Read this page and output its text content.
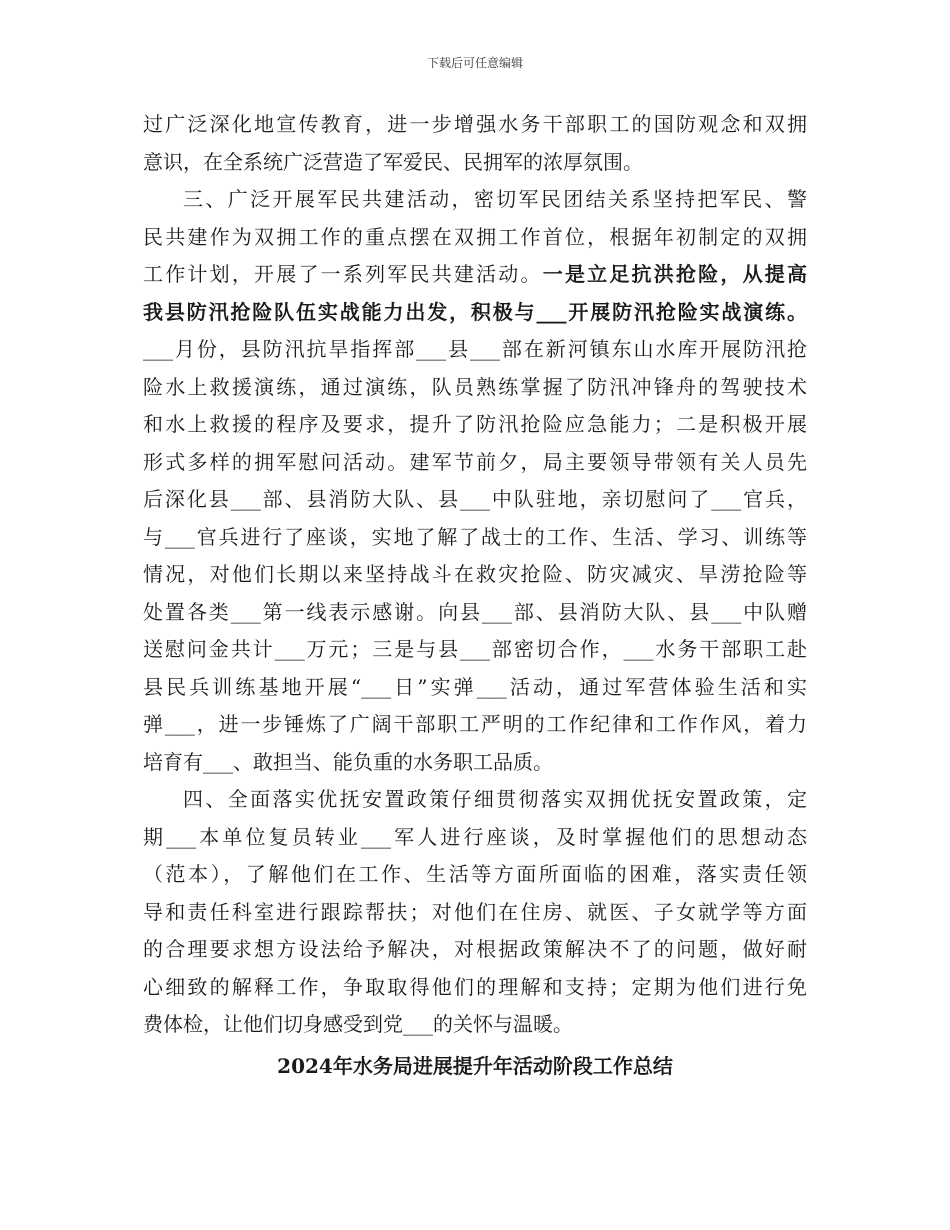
下载后可任意编辑
过广泛深化地宣传教育，进一步增强水务干部职工的国防观念和双拥
意识，在全系统广泛营造了军爱民、民拥军的浓厚氛围。
三、广泛开展军民共建活动，密切军民团结关系坚持把军民、警
民共建作为双拥工作的重点摆在双拥工作首位，根据年初制定的双拥
工作计划，开展了一系列军民共建活动。一是立足抗洪抢险，从提高
我县防汛抢险队伍实战能力出发，积极与___开展防汛抢险实战演练。
___月份，县防汛抗旱指挥部___县___部在新河镇东山水库开展防汛抢
险水上救援演练，通过演练，队员熟练掌握了防汛冲锋舟的驾驶技术
和水上救援的程序及要求，提升了防汛抢险应急能力；二是积极开展
形式多样的拥军慰问活动。建军节前夕，局主要领导带领有关人员先
后深化县___部、县消防大队、县___中队驻地，亲切慰问了___官兵，
与___官兵进行了座谈，实地了解了战士的工作、生活、学习、训练等
情况，对他们长期以来坚持战斗在救灾抢险、防灾减灾、旱涝抢险等
处置各类___第一线表示感谢。向县___部、县消防大队、县___中队赠
送慰问金共计___万元；三是与县___部密切合作，___水务干部职工赴
县民兵训练基地开展“___日”实弹___活动，通过军营体验生活和实
弹___，进一步锤炼了广阔干部职工严明的工作纪律和工作作风，着力
培育有___、敢担当、能负重的水务职工品质。
四、全面落实优抚安置政策仔细贯彻落实双拥优抚安置政策，定
期___本单位复员转业___军人进行座谈，及时掌握他们的思想动态
（范本），了解他们在工作、生活等方面所面临的困难，落实责任领
导和责任科室进行跟踪帮扶；对他们在住房、就医、子女就学等方面
的合理要求想方设法给予解决，对根据政策解决不了的问题，做好耐
心细致的解释工作，争取取得他们的理解和支持；定期为他们进行免
费体检，让他们切身感受到党___的关怀与温暖。
2024年水务局进展提升年活动阶段工作总结
